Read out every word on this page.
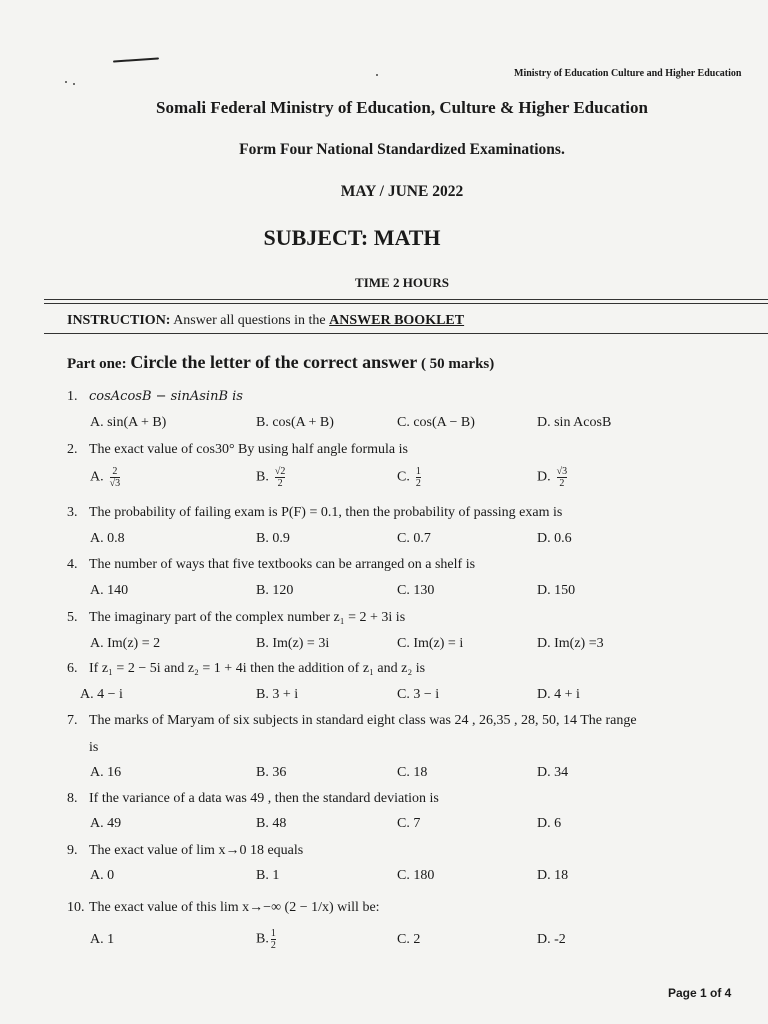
Ministry of Education Culture and Higher Education
Somali Federal Ministry of Education, Culture & Higher Education
Form Four National Standardized Examinations.
MAY / JUNE 2022
SUBJECT: MATH
TIME 2 HOURS
INSTRUCTION: Answer all questions in the ANSWER BOOKLET
Part one: Circle the letter of the correct answer ( 50 marks)
1. cosAcosB − sinAsinB is
A. sin(A + B)	B. cos(A + B)	C. cos(A − B)	D. sin AcosB
2. The exact value of cos30° By using half angle formula is
A. $\frac{2}{√3}$	B. $\frac{√2}{2}$	C. $\frac{1}{2}$	D. $\frac{√3}{2}$
3. The probability of failing exam is P(F) = 0.1, then the probability of passing exam is
A. 0.8	B. 0.9	C. 0.7	D. 0.6
4. The number of ways that five textbooks can be arranged on a shelf is
A. 140	B. 120	C. 130	D. 150
5. The imaginary part of the complex number z₁ = 2 + 3i is
A. Im(z) = 2	B. Im(z) = 3i	C. Im(z) = i	D. Im(z) =3
6. If z₁ = 2 − 5i and z₂ = 1 + 4i then the addition of z₁ and z₂ is
A. 4 − i	B. 3 + i	C. 3 − i	D. 4 + i
7. The marks of Maryam of six subjects in standard eight class was 24 , 26,35 , 28, 50, 14 The range
is
A. 16	B. 36	C. 18	D. 34
8. If the variance of a data was 49 , then the standard deviation is
A. 49	B. 48	C. 7	D. 6
9. The exact value of lim x→0 18 equals
A. 0	B. 1	C. 180	D. 18
10. The exact value of this lim x→−∞ (2 − 1/x) will be:
A. 1	B. $\frac{1}{2}$	C. 2	D. -2
Page 1 of 4
